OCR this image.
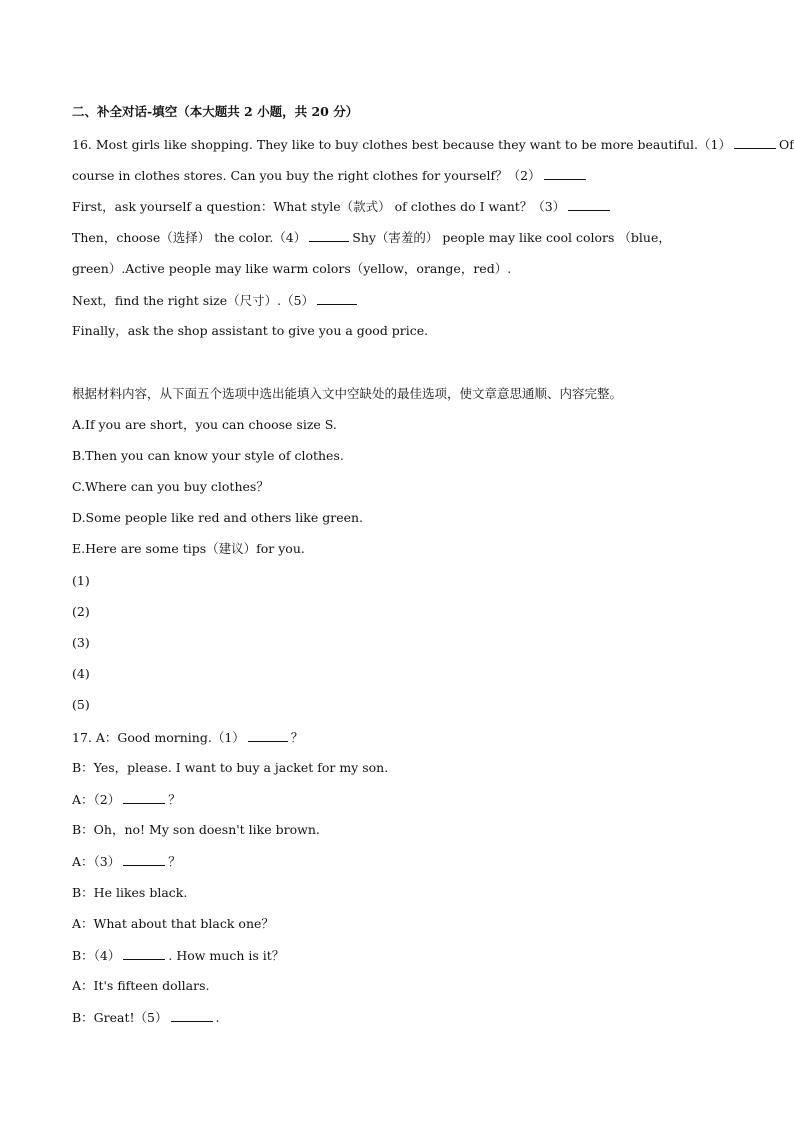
二、补全对话-填空（本大题共 2 小题，共 20 分）
16. Most girls like shopping. They like to buy clothes best because they want to be more beautiful.（1）	Of
course in clothes stores. Can you buy the right clothes for yourself？（2）
First，ask yourself a question：What style（款式） of clothes do I want？（3）
Then，choose（选择） the color.（4）	Shy（害羞的） people may like cool colors （blue，
green）.Active people may like warm colors（yellow，orange，red）.
Next，find the right size（尺寸）.（5）
Finally，ask the shop assistant to give you a good price.
根据材料内容，从下面五个选项中选出能填入文中空缺处的最佳选项，使文章意思通顺、内容完整。
A.If you are short，you can choose size S.
B.Then you can know your style of clothes.
C.Where can you buy clothes？
D.Some people like red and others like green.
E.Here are some tips（建议）for you.
(1)
(2)
(3)
(4)
(5)
17. A：Good morning.（1）	？
B：Yes，please. I want to buy a jacket for my son.
A：（2）	？
B：Oh，no! My son doesn't like brown.
A：（3）	？
B：He likes black.
A：What about that black one？
B：（4）	. How much is it？
A：It's fifteen dollars.
B：Great!（5）	.
